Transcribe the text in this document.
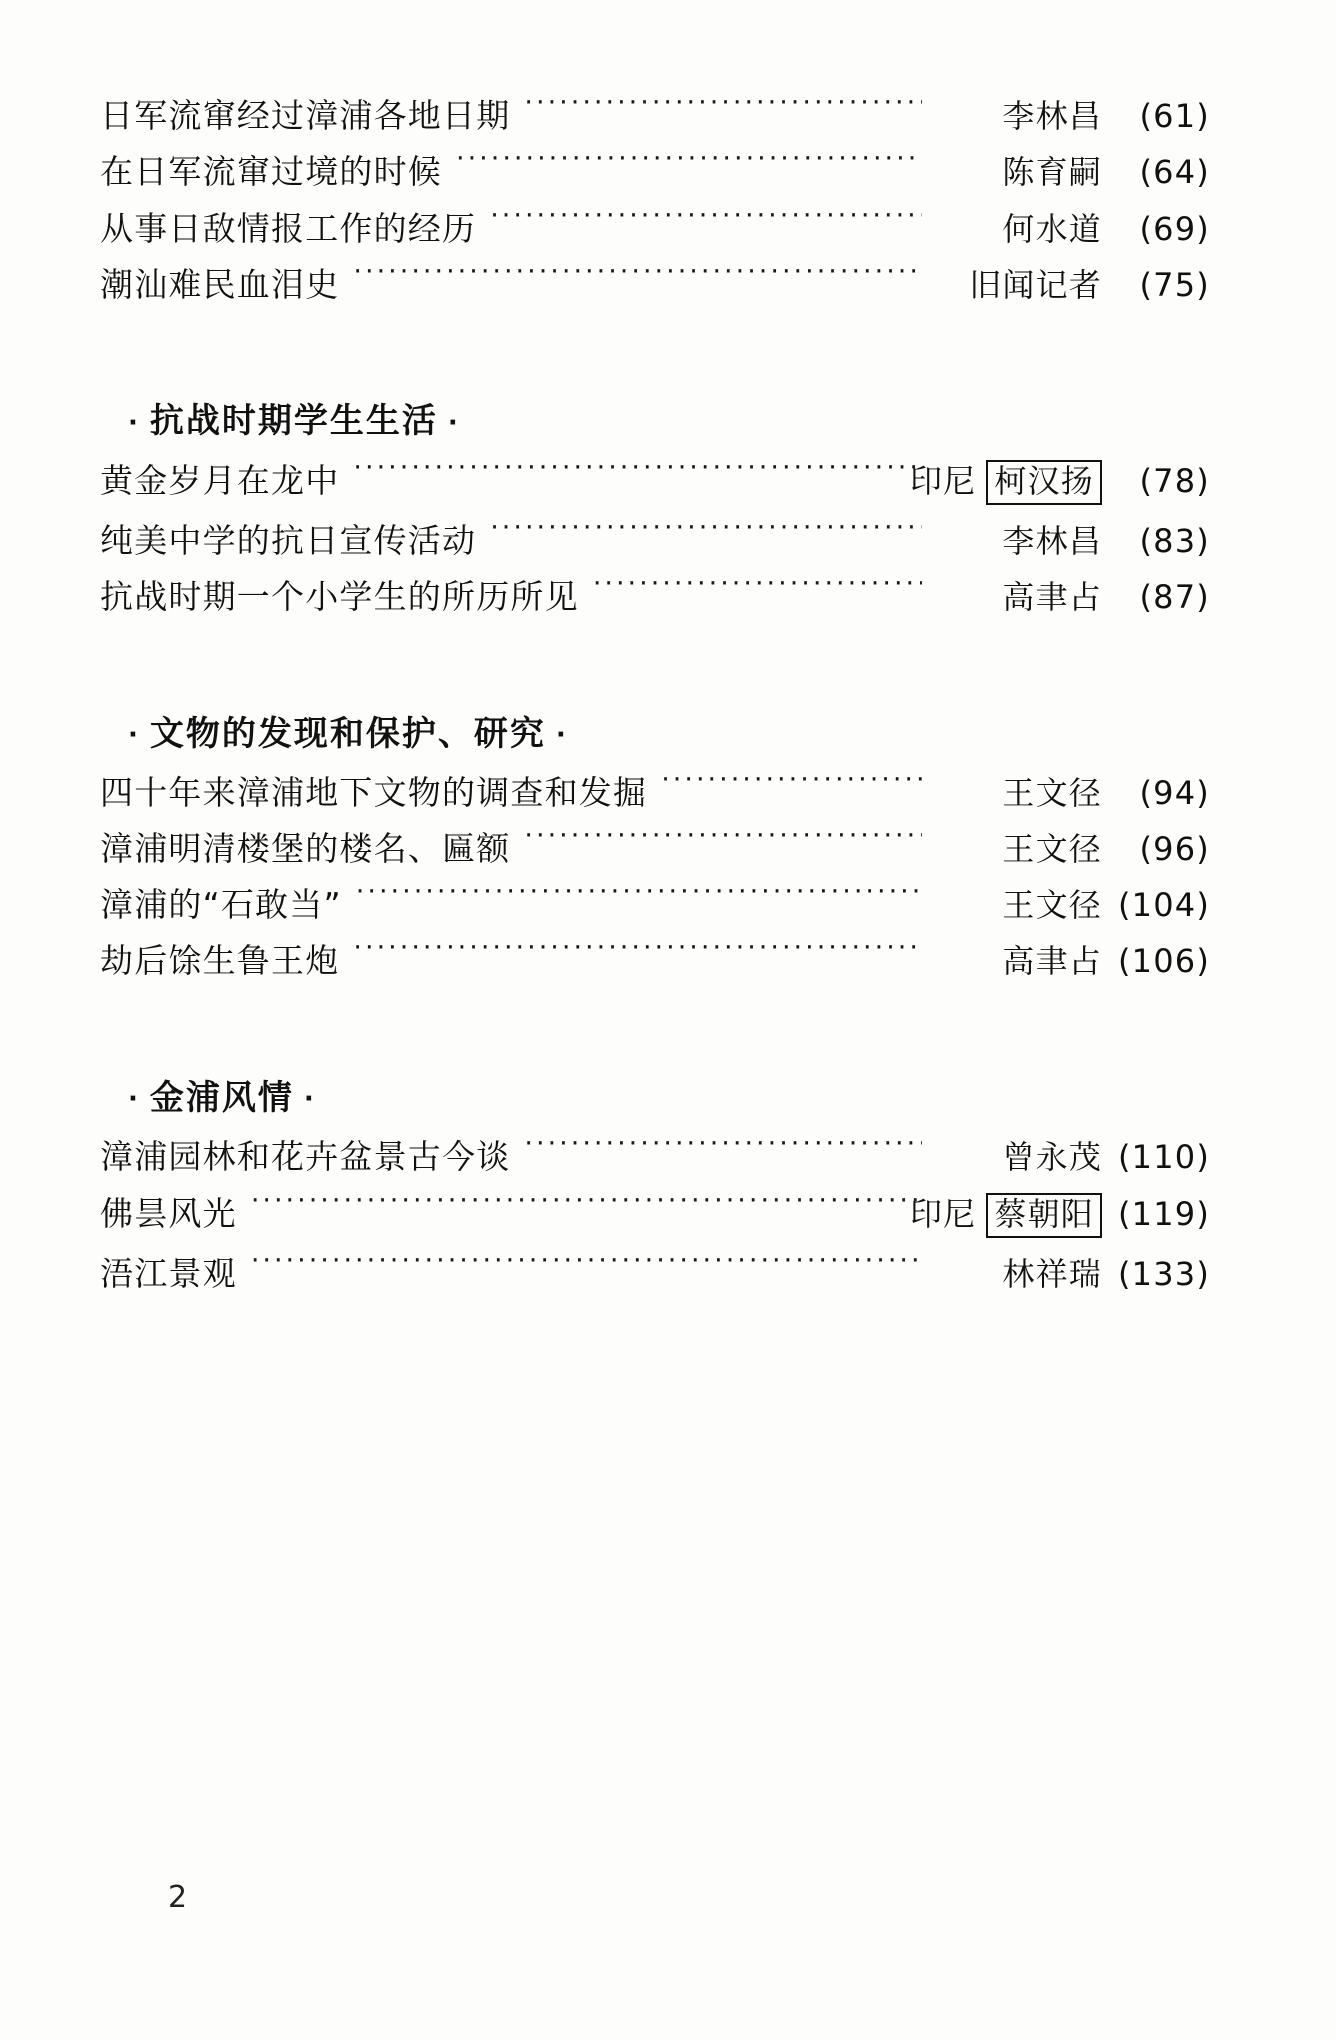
日军流窜经过漳浦各地日期 ·····	李林昌	(61)
在日军流窜过境的时候 ·····	陈育嗣	(64)
从事日敌情报工作的经历 ·····	何水道	(69)
潮汕难民血泪史 ·····	旧闻记者	(75)
· 抗战时期学生生活 ·
黄金岁月在龙中 ·····	印尼 柯汉扬	(78)
纯美中学的抗日宣传活动 ·····	李林昌	(83)
抗战时期一个小学生的所历所见 ·····	高聿占	(87)
· 文物的发现和保护、研究 ·
四十年来漳浦地下文物的调查和发掘 ·····	王文径	(94)
漳浦明清楼堡的楼名、匾额 ·····	王文径	(96)
漳浦的“石敢当” ·····	王文径 (104)
劫后馀生鲁王炮 ·····	高聿占 (106)
· 金浦风情 ·
漳浦园林和花卉盆景古今谈 ·····	曾永茂 (110)
佛昙风光 ·····	印尼 蔡朝阳 (119)
浯江景观 ·····	林祥瑞 (133)
2
